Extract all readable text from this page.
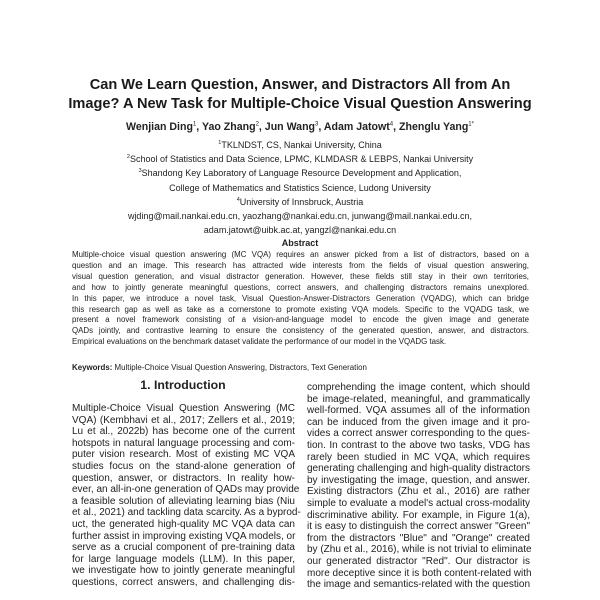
Can We Learn Question, Answer, and Distractors All from An
Image? A New Task for Multiple-Choice Visual Question Answering
Wenjian Ding$^1$, Yao Zhang$^2$, Jun Wang$^3$, Adam Jatowt$^4$, Zhenglu Yang$^{1*}$
$^1$TKLNDST, CS, Nankai University, China
$^2$School of Statistics and Data Science, LPMC, KLMDASR & LEBPS, Nankai University
$^3$Shandong Key Laboratory of Language Resource Development and Application,
College of Mathematics and Statistics Science, Ludong University
$^4$University of Innsbruck, Austria
wjding@mail.nankai.edu.cn, yaozhang@nankai.edu.cn, junwang@mail.nankai.edu.cn,
adam.jatowt@uibk.ac.at, yangzl@nankai.edu.cn
Abstract
Multiple-choice visual question answering (MC VQA) requires an answer picked from a list of distractors, based on a
question and an image. This research has attracted wide interests from the fields of visual question answering,
visual question generation, and visual distractor generation. However, these fields still stay in their own territories,
and how to jointly generate meaningful questions, correct answers, and challenging distractors remains unexplored.
In this paper, we introduce a novel task, Visual Question-Answer-Distractors Generation (VQADG), which can bridge
this research gap as well as take as a cornerstone to promote existing VQA models. Specific to the VQADG task, we
present a novel framework consisting of a vision-and-language model to encode the given image and generate
QADs jointly, and contrastive learning to ensure the consistency of the generated question, answer, and distractors.
Empirical evaluations on the benchmark dataset validate the performance of our model in the VQADG task.
Keywords: Multiple-Choice Visual Question Answering, Distractors, Text Generation
1. Introduction
Multiple-Choice Visual Question Answering (MC
VQA) (Kembhavi et al., 2017; Zellers et al., 2019;
Lu et al., 2022b) has become one of the current
hotspots in natural language processing and com-
puter vision research. Most of existing MC VQA
studies focus on the stand-alone generation of
question, answer, or distractors. In reality how-
ever, an all-in-one generation of QADs may provide
a feasible solution of alleviating learning bias (Niu
et al., 2021) and tackling data scarcity. As a byprod-
uct, the generated high-quality MC VQA data can
further assist in improving existing VQA models, or
serve as a crucial component of pre-training data
for large language models (LLM). In this paper,
we investigate how to jointly generate meaningful
questions, correct answers, and challenging dis-
comprehending the image content, which should
be image-related, meaningful, and grammatically
well-formed. VQA assumes all of the information
can be induced from the given image and it pro-
vides a correct answer corresponding to the ques-
tion. In contrast to the above two tasks, VDG has
rarely been studied in MC VQA, which requires
generating challenging and high-quality distractors
by investigating the image, question, and answer.
Existing distractors (Zhu et al., 2016) are rather
simple to evaluate a model's actual cross-modality
discriminative ability. For example, in Figure 1(a),
it is easy to distinguish the correct answer "Green"
from the distractors "Blue" and "Orange" created
by (Zhu et al., 2016), while is not trivial to eliminate
our generated distractor "Red". Our distractor is
more deceptive since it is both content-related with
the image and semantics-related with the question
